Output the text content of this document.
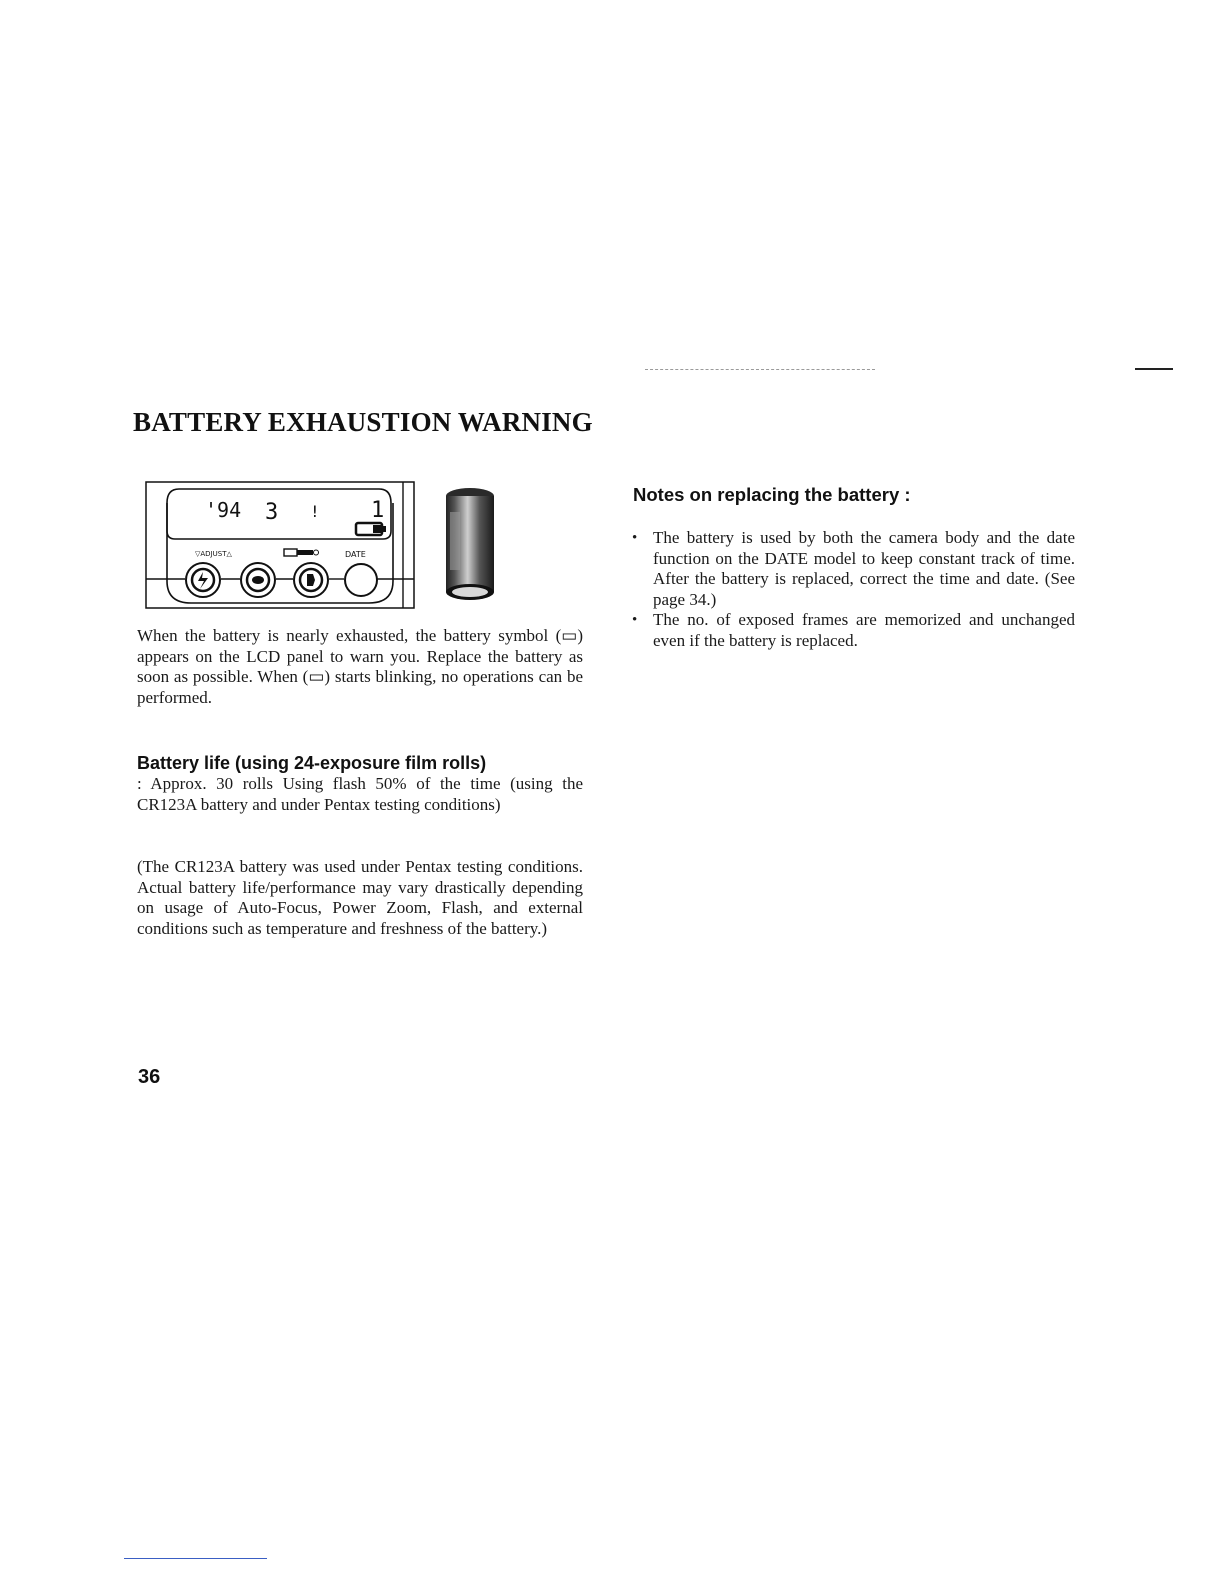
BATTERY EXHAUSTION WARNING
'94 3 ! 1
▽ADJUST△	DATE

When the battery is nearly exhausted, the battery symbol (▭) appears on the LCD panel to warn you. Replace the battery as soon as possible. When (▭) starts blinking, no operations can be performed.

Battery life (using 24-exposure film rolls)

: Approx. 30 rolls Using flash 50% of the time (using the CR123A battery and under Pentax testing conditions)

(The CR123A battery was used under Pentax testing conditions. Actual battery life/performance may vary drastically depending on usage of Auto-Focus, Power Zoom, Flash, and external conditions such as temperature and freshness of the battery.)

Notes on replacing the battery :
• The battery is used by both the camera body and the date function on the DATE model to keep constant track of time. After the battery is replaced, correct the time and date. (See page 34.)
• The no. of exposed frames are memorized and unchanged even if the battery is replaced.

36
